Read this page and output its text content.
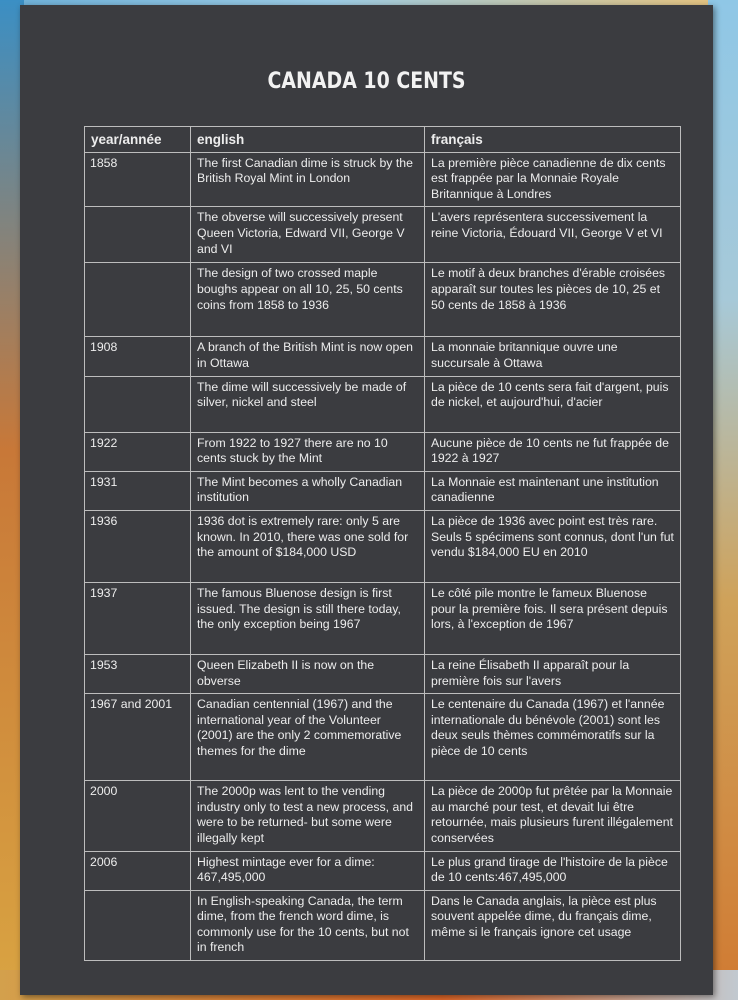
CANADA 10 CENTS
year/année	english	français
1858	The first Canadian dime is struck by the British Royal Mint in London	La première pièce canadienne de dix cents est frappée par la Monnaie Royale Britannique à Londres
	The obverse will successively present Queen Victoria, Edward VII, George V and VI	L'avers représentera successivement la reine Victoria, Édouard VII, George V et VI
	The design of two crossed maple boughs appear on all 10, 25, 50 cents coins from 1858 to 1936	Le motif à deux branches d'érable croisées apparaît sur toutes les pièces de 10, 25 et 50 cents de 1858 à 1936
1908	A branch of the British Mint is now open in Ottawa	La monnaie britannique ouvre une succursale à Ottawa
	The dime will successively be made of silver, nickel and steel	La pièce de 10 cents sera fait d'argent, puis de nickel, et aujourd'hui, d'acier
1922	From 1922 to 1927 there are no 10 cents stuck by the Mint	Aucune pièce de 10 cents ne fut frappée de 1922 à 1927
1931	The Mint becomes a wholly Canadian institution	La Monnaie est maintenant une institution canadienne
1936	1936 dot is extremely rare: only 5 are known. In 2010, there was one sold for the amount of $184,000 USD	La pièce de 1936 avec point est très rare. Seuls 5 spécimens sont connus, dont l'un fut vendu $184,000 EU en 2010
1937	The famous Bluenose design is first issued. The design is still there today, the only exception being 1967	Le côté pile montre le fameux Bluenose pour la première fois. Il sera présent depuis lors, à l'exception de 1967
1953	Queen Elizabeth II is now on the obverse	La reine Élisabeth II apparaît pour la première fois sur l'avers
1967 and 2001	Canadian centennial (1967) and the international year of the Volunteer (2001) are the only 2 commemorative themes for the dime	Le centenaire du Canada (1967) et l'année internationale du bénévole (2001) sont les deux seuls thèmes commémoratifs sur la pièce de 10 cents
2000	The 2000p was lent to the vending industry only to test a new process, and were to be returned- but some were illegally kept	La pièce de 2000p fut prêtée par la Monnaie au marché pour test, et devait lui être retournée, mais plusieurs furent illégalement conservées
2006	Highest mintage ever for a dime: 467,495,000	Le plus grand tirage de l'histoire de la pièce de 10 cents:467,495,000
	In English-speaking Canada, the term dime, from the french word dime, is commonly use for the 10 cents, but not in french	Dans le Canada anglais, la pièce est plus souvent appelée dime, du français dime, même si le français ignore cet usage
